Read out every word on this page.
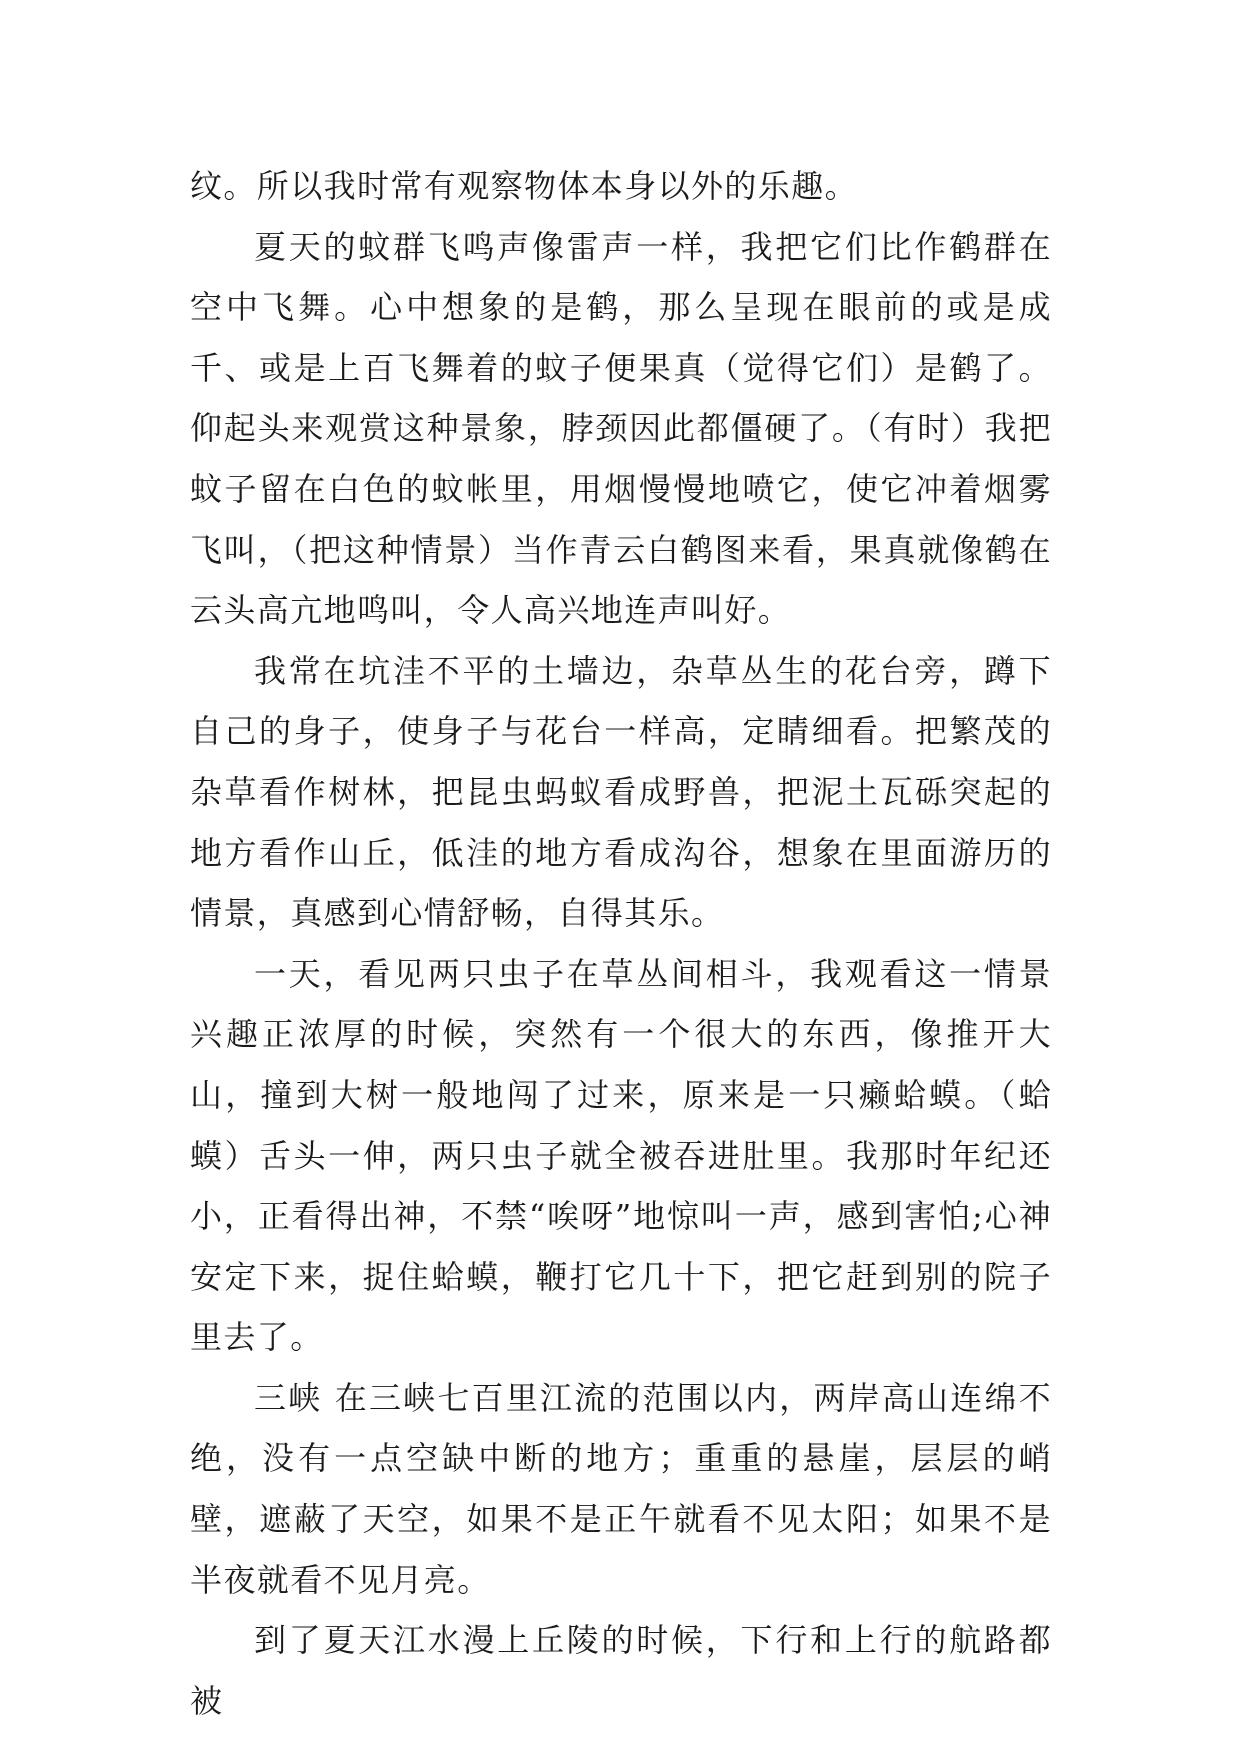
纹。所以我时常有观察物体本身以外的乐趣。

夏天的蚊群飞鸣声像雷声一样，我把它们比作鹤群在空中飞舞。心中想象的是鹤，那么呈现在眼前的或是成千、或是上百飞舞着的蚊子便果真（觉得它们）是鹤了。仰起头来观赏这种景象，脖颈因此都僵硬了。（有时）我把蚊子留在白色的蚊帐里，用烟慢慢地喷它，使它冲着烟雾飞叫，（把这种情景）当作青云白鹤图来看，果真就像鹤在云头高亢地鸣叫，令人高兴地连声叫好。

我常在坑洼不平的土墙边，杂草丛生的花台旁，蹲下自己的身子，使身子与花台一样高，定睛细看。把繁茂的杂草看作树林，把昆虫蚂蚁看成野兽，把泥土瓦砾突起的地方看作山丘，低洼的地方看成沟谷，想象在里面游历的情景，真感到心情舒畅，自得其乐。

一天，看见两只虫子在草丛间相斗，我观看这一情景兴趣正浓厚的时候，突然有一个很大的东西，像推开大山，撞到大树一般地闯了过来，原来是一只癞蛤蟆。（蛤蟆）舌头一伸，两只虫子就全被吞进肚里。我那时年纪还小，正看得出神，不禁“唉呀”地惊叫一声，感到害怕;心神安定下来，捉住蛤蟆，鞭打它几十下，把它赶到别的院子里去了。

三峡 在三峡七百里江流的范围以内，两岸高山连绵不绝，没有一点空缺中断的地方；重重的悬崖，层层的峭壁，遮蔽了天空，如果不是正午就看不见太阳；如果不是半夜就看不见月亮。

到了夏天江水漫上丘陵的时候，下行和上行的航路都被
